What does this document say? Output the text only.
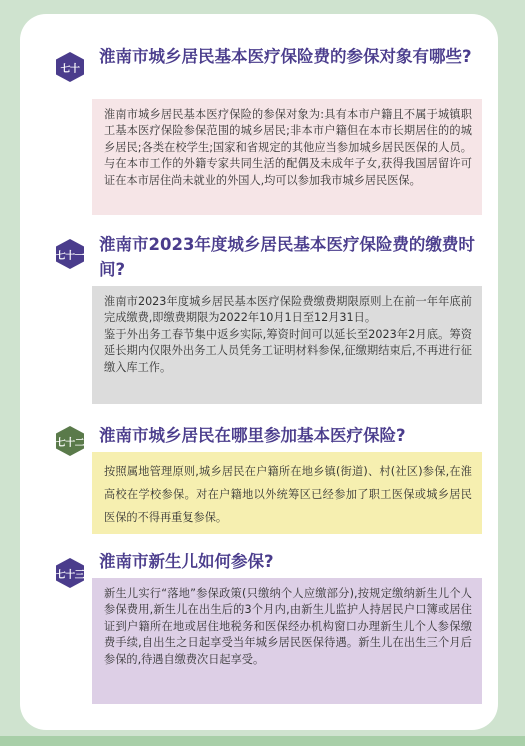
七十
淮南市城乡居民基本医疗保险费的参保对象有哪些?

淮南市城乡居民基本医疗保险的参保对象为:具有本市户籍且不属于城镇职工基本医疗保险参保范围的城乡居民;非本市户籍但在本市长期居住的的城乡居民;各类在校学生;国家和省规定的其他应当参加城乡居民医保的人员。与在本市工作的外籍专家共同生活的配偶及未成年子女,获得我国居留许可证在本市居住尚未就业的外国人,均可以参加我市城乡居民医保。

七十一
淮南市2023年度城乡居民基本医疗保险费的缴费时间?

淮南市2023年度城乡居民基本医疗保险费缴费期限原则上在前一年年底前完成缴费,即缴费期限为2022年10月1日至12月31日。

鉴于外出务工春节集中返乡实际,筹资时间可以延长至2023年2月底。筹资延长期内仅限外出务工人员凭务工证明材料参保,征缴期结束后,不再进行征缴入库工作。

七十二 淮南市城乡居民在哪里参加基本医疗保险?

按照属地管理原则,城乡居民在户籍所在地乡镇(街道)、村(社区)参保,在淮高校在学校参保。对在户籍地以外统筹区已经参加了职工医保或城乡居民医保的不得再重复参保。

七十三
淮南市新生儿如何参保?

新生儿实行“落地”参保政策(只缴纳个人应缴部分),按规定缴纳新生儿个人参保费用,新生儿在出生后的3个月内,由新生儿监护人持居民户口簿或居住证到户籍所在地或居住地税务和医保经办机构窗口办理新生儿个人参保缴费手续,自出生之日起享受当年城乡居民医保待遇。新生儿在出生三个月后参保的,待遇自缴费次日起享受。
